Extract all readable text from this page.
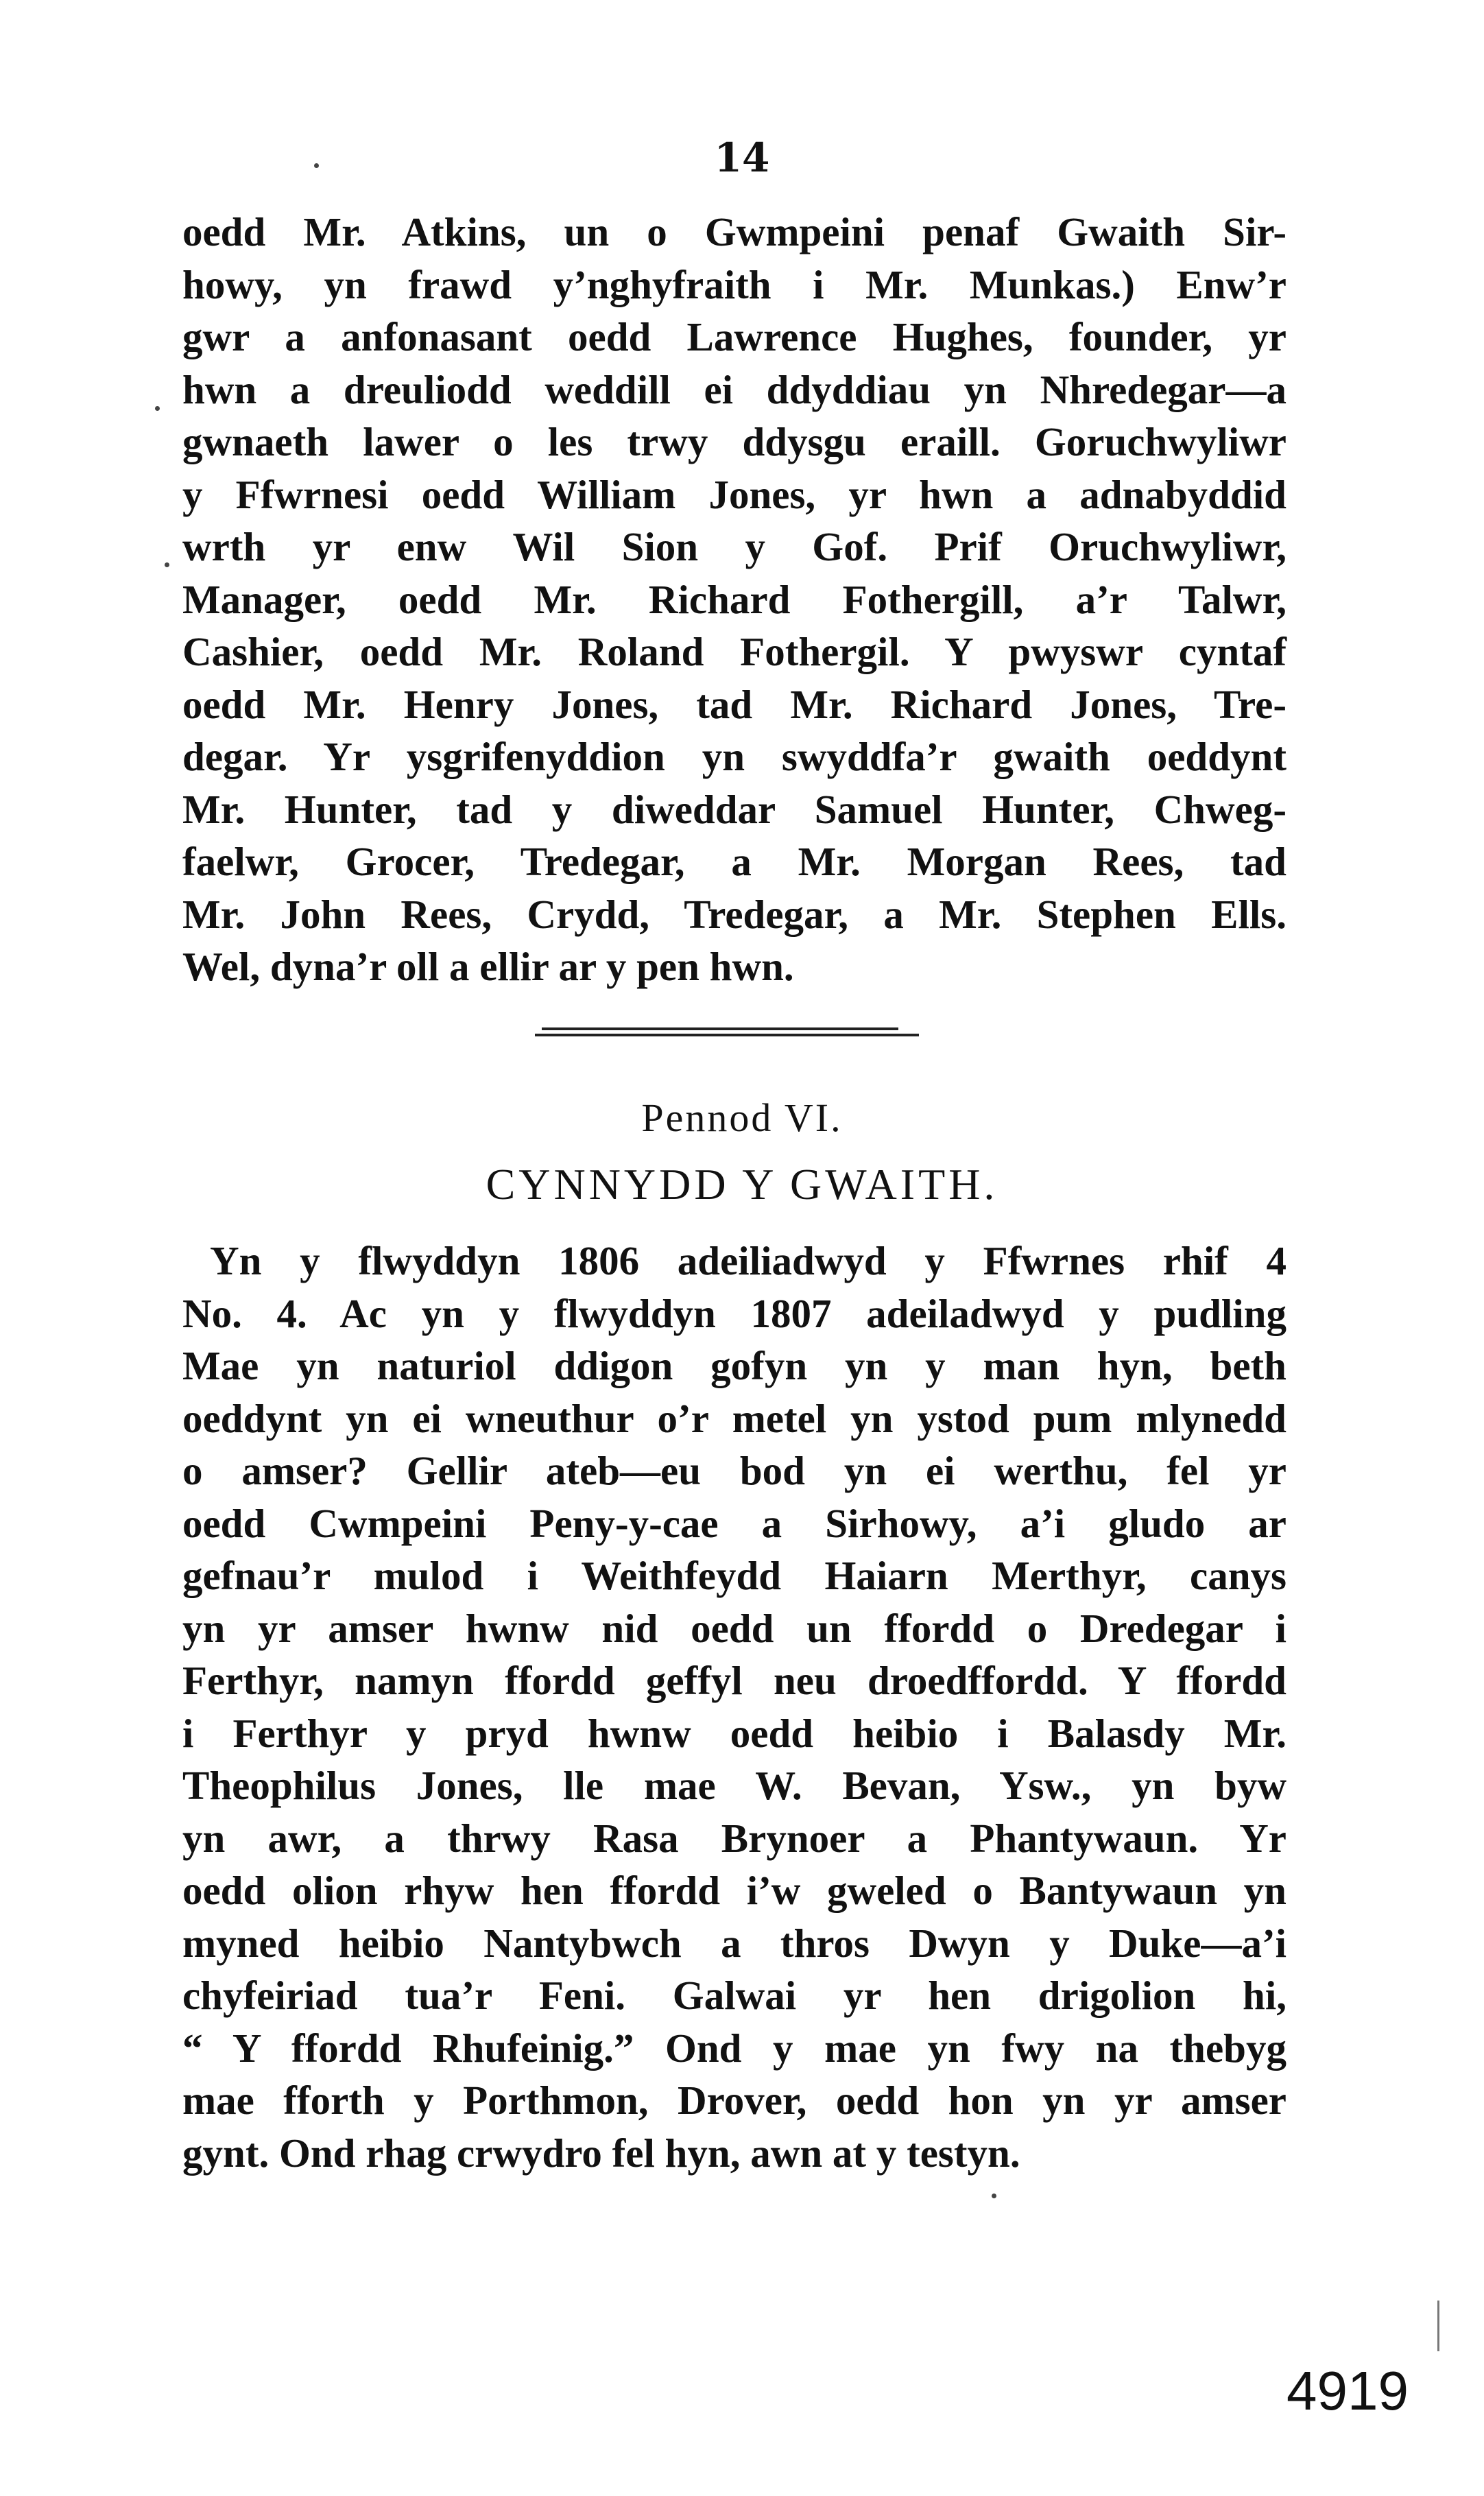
14
oedd Mr. Atkins, un o Gwmpeini penaf Gwaith Sir-
howy, yn frawd y’nghyfraith i Mr. Munkas.) Enw’r
gwr a anfonasant oedd Lawrence Hughes, founder, yr
hwn a dreuliodd weddill ei ddyddiau yn Nhredegar—a
gwnaeth lawer o les trwy ddysgu eraill. Goruchwyliwr
y Ffwrnesi oedd William Jones, yr hwn a adnabyddid
wrth yr enw Wil Sion y Gof. Prif Oruchwyliwr,
Manager, oedd Mr. Richard Fothergill, a’r Talwr,
Cashier, oedd Mr. Roland Fothergil. Y pwyswr cyntaf
oedd Mr. Henry Jones, tad Mr. Richard Jones, Tre-
degar. Yr ysgrifenyddion yn swyddfa’r gwaith oeddynt
Mr. Hunter, tad y diweddar Samuel Hunter, Chweg-
faelwr, Grocer, Tredegar, a Mr. Morgan Rees, tad
Mr. John Rees, Crydd, Tredegar, a Mr. Stephen Ells.
Wel, dyna’r oll a ellir ar y pen hwn.
Pennod VI.
CYNNYDD Y GWAITH.
Yn y flwyddyn 1806 adeiliadwyd y Ffwrnes rhif 4
No. 4. Ac yn y flwyddyn 1807 adeiladwyd y pudling
Mae yn naturiol ddigon gofyn yn y man hyn, beth
oeddynt yn ei wneuthur o’r metel yn ystod pum mlynedd
o amser? Gellir ateb—eu bod yn ei werthu, fel yr
oedd Cwmpeini Peny-y-cae a Sirhowy, a’i gludo ar
gefnau’r mulod i Weithfeydd Haiarn Merthyr, canys
yn yr amser hwnw nid oedd un ffordd o Dredegar i
Ferthyr, namyn ffordd geffyl neu droedffordd. Y ffordd
i Ferthyr y pryd hwnw oedd heibio i Balasdy Mr.
Theophilus Jones, lle mae W. Bevan, Ysw., yn byw
yn awr, a thrwy Rasa Brynoer a Phantywaun. Yr
oedd olion rhyw hen ffordd i’w gweled o Bantywaun yn
myned heibio Nantybwch a thros Dwyn y Duke—a’i
chyfeiriad tua’r Feni. Galwai yr hen drigolion hi,
“ Y ffordd Rhufeinig.” Ond y mae yn fwy na thebyg
mae fforth y Porthmon, Drover, oedd hon yn yr amser
gynt. Ond rhag crwydro fel hyn, awn at y testyn.
4919
